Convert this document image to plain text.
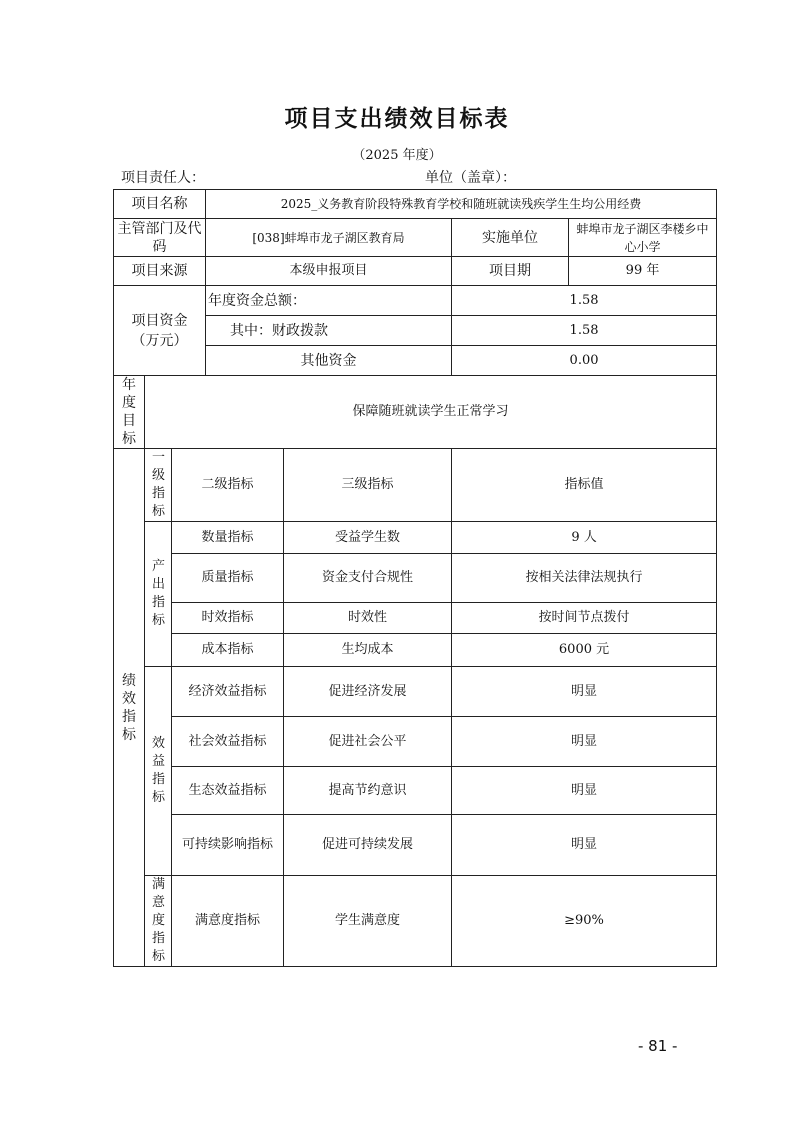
项目支出绩效目标表
（2025 年度）
项目责任人：	单位（盖章）：
项目名称			2025_义务教育阶段特殊教育学校和随班就读残疾学生生均公用经费			
主管部门及代码			[038]蚌埠市龙子湖区教育局		实施单位	蚌埠市龙子湖区李楼乡中心小学
项目来源			本级申报项目		项目期	99 年
项目资金（万元）			年度资金总额：		1.58	
			其中：财政拨款		1.58	
			其他资金		0.00	
年度目标	保障随班就读学生正常学习					
绩效指标	一级指标	二级指标		三级指标	指标值	
	产出指标	数量指标		受益学生数	9 人	
		质量指标		资金支付合规性	按相关法律法规执行	
		时效指标		时效性	按时间节点拨付	
		成本指标		生均成本	6000 元	
	效益指标	经济效益指标		促进经济发展	明显	
		社会效益指标		促进社会公平	明显	
		生态效益指标		提高节约意识	明显	
		可持续影响指标		促进可持续发展	明显	
	满意度指标	满意度指标		学生满意度	≥90%	
- 81 -
